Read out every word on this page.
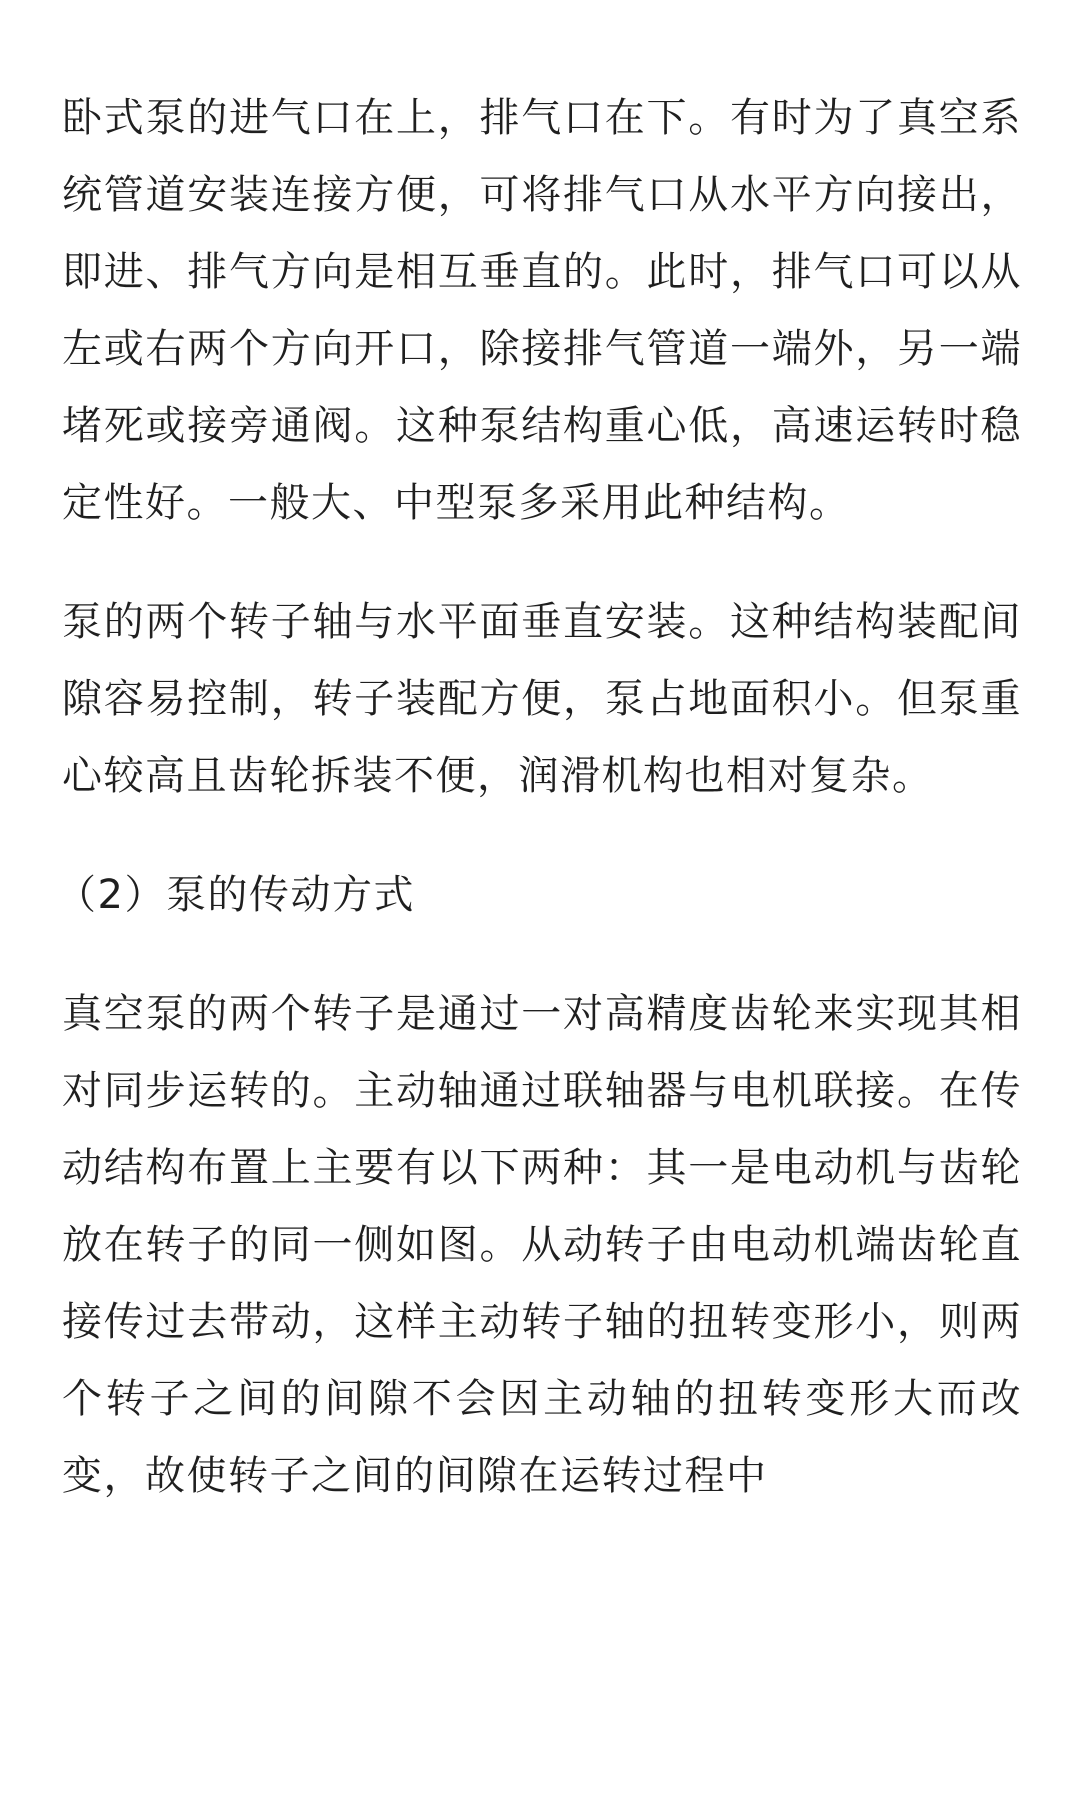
卧式泵的进气口在上，排气口在下。有时为了真空系统管道安装连接方便，可将排气口从水平方向接出，即进、排气方向是相互垂直的。此时，排气口可以从左或右两个方向开口，除接排气管道一端外，另一端堵死或接旁通阀。这种泵结构重心低，高速运转时稳定性好。一般大、中型泵多采用此种结构。

泵的两个转子轴与水平面垂直安装。这种结构装配间隙容易控制，转子装配方便，泵占地面积小。但泵重心较高且齿轮拆装不便，润滑机构也相对复杂。

（2）泵的传动方式

真空泵的两个转子是通过一对高精度齿轮来实现其相对同步运转的。主动轴通过联轴器与电机联接。在传动结构布置上主要有以下两种：其一是电动机与齿轮放在转子的同一侧如图。从动转子由电动机端齿轮直接传过去带动，这样主动转子轴的扭转变形小，则两个转子之间的间隙不会因主动轴的扭转变形大而改变，故使转子之间的间隙在运转过程中
